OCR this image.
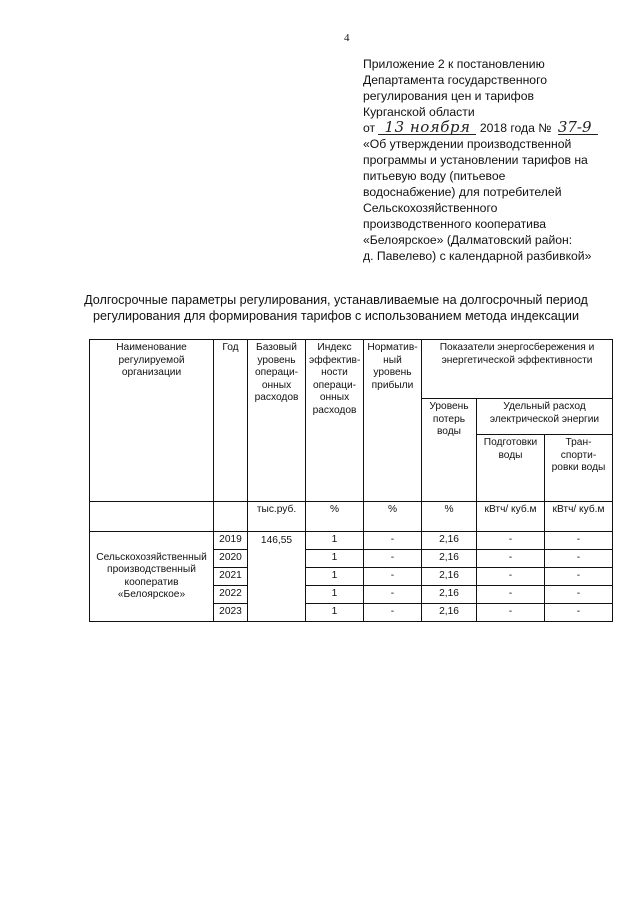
4
Приложение 2 к постановлению
Департамента государственного
регулирования цен и тарифов
Курганской области
от 13 ноября 2018 года № 37-9
«Об утверждении производственной
программы и установлении тарифов на
питьевую воду (питьевое
водоснабжение) для потребителей
Сельскохозяйственного
производственного кооператива
«Белоярское» (Далматовский район:
д. Павелево) с календарной разбивкой»
Долгосрочные параметры регулирования, устанавливаемые на долгосрочный период
регулирования для формирования тарифов с использованием метода индексации
Наименование регулируемой организации	Год	Базовый уровень операци-онных расходов	Индекс эффектив-ности операци-онных расходов	Норматив-ный уровень прибыли	Показатели энергосбережения и энергетической эффективности		
					Уровень потерь воды	Удельный расход электрической энергии	
						Подготовки воды	Тран-спорти-ровки воды
		тыс.руб.	%	%	%	кВтч/ куб.м	кВтч/ куб.м
Сельскохозяйственный производственный кооператив «Белоярское»	2019	146,55	1	-	2,16	-	-
	2020		1	-	2,16	-	-
	2021		1	-	2,16	-	-
	2022		1	-	2,16	-	-
	2023		1	-	2,16	-	-
.
